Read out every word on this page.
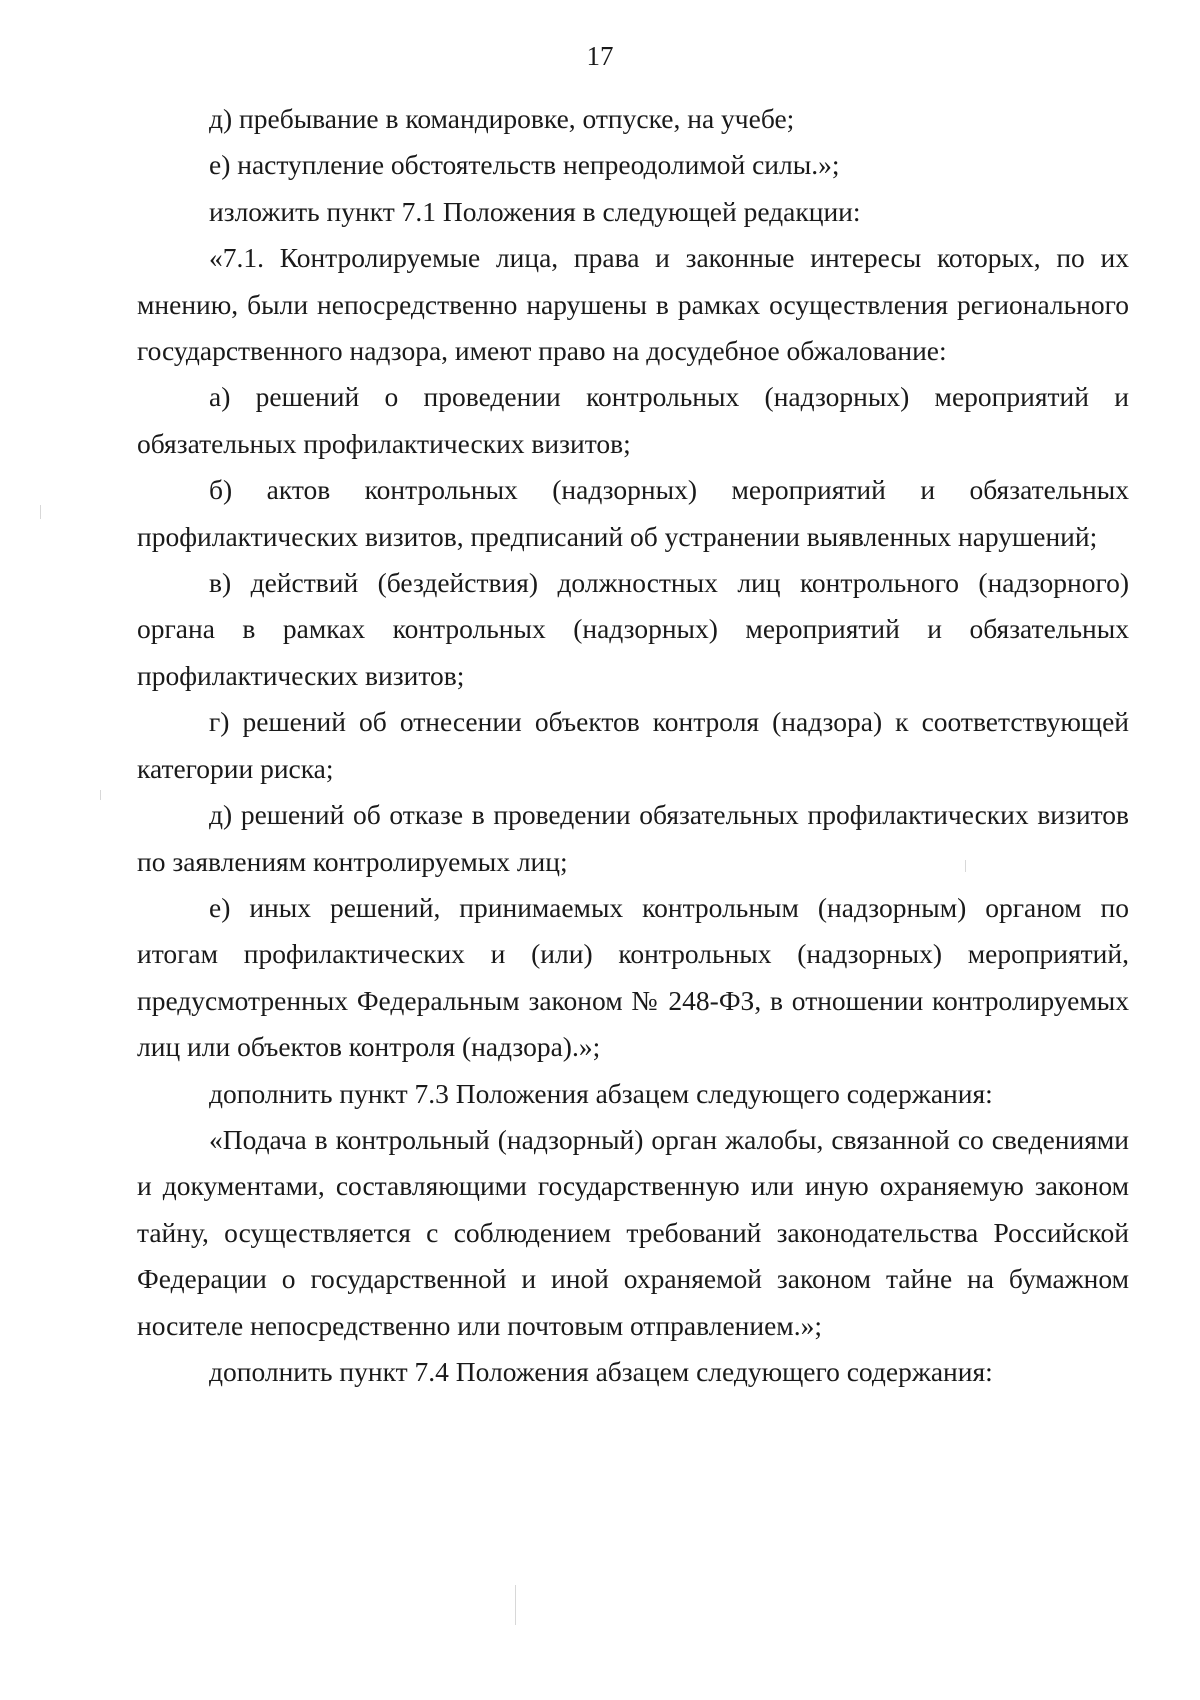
17

д) пребывание в командировке, отпуске, на учебе;

е) наступление обстоятельств непреодолимой силы.»;

изложить пункт 7.1 Положения в следующей редакции:

«7.1. Контролируемые лица, права и законные интересы которых, по их мнению, были непосредственно нарушены в рамках осуществления регионального государственного надзора, имеют право на досудебное обжалование:

а) решений о проведении контрольных (надзорных) мероприятий и обязательных профилактических визитов;

б) актов контрольных (надзорных) мероприятий и обязательных профилактических визитов, предписаний об устранении выявленных нарушений;

в) действий (бездействия) должностных лиц контрольного (надзорного) органа в рамках контрольных (надзорных) мероприятий и обязательных профилактических визитов;

г) решений об отнесении объектов контроля (надзора) к соответствующей категории риска;

д) решений об отказе в проведении обязательных профилактических визитов по заявлениям контролируемых лиц;

е) иных решений, принимаемых контрольным (надзорным) органом по итогам профилактических и (или) контрольных (надзорных) мероприятий, предусмотренных Федеральным законом № 248-ФЗ, в отношении контролируемых лиц или объектов контроля (надзора).»;

дополнить пункт 7.3 Положения абзацем следующего содержания:

«Подача в контрольный (надзорный) орган жалобы, связанной со сведениями и документами, составляющими государственную или иную охраняемую законом тайну, осуществляется с соблюдением требований законодательства Российской Федерации о государственной и иной охраняемой законом тайне на бумажном носителе непосредственно или почтовым отправлением.»;

дополнить пункт 7.4 Положения абзацем следующего содержания:
